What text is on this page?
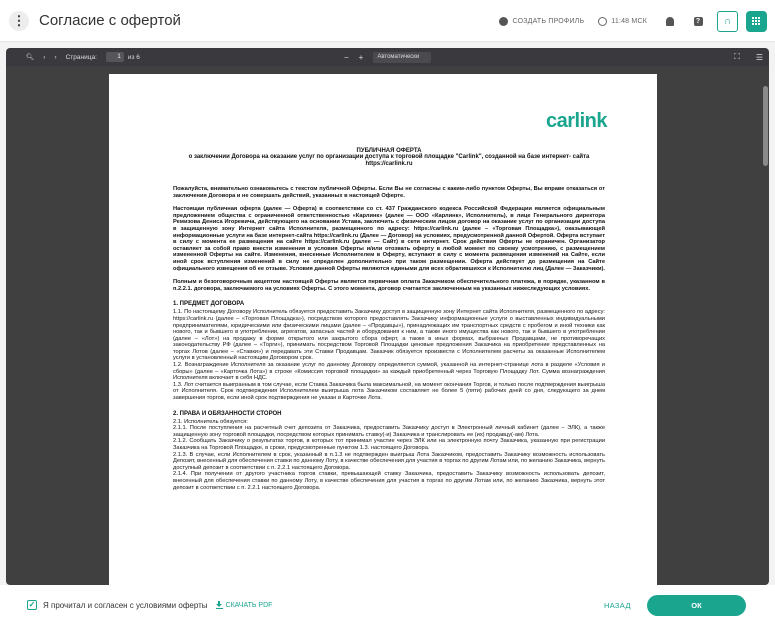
⋮ Согласие с офертой	СОЗДАТЬ ПРОФИЛЬ	11:48 МСК	? ∩
🔍︎ ‹ › Страница:	1	из 6	− +	Автоматически	⛶ ☰
carlink
ПУБЛИЧНАЯ ОФЕРТА
о заключении Договора на оказание услуг по организации доступа к торговой площадке "Carlink", созданной на базе интернет- сайта https://carlink.ru
Пожалуйста, внимательно ознакомьтесь с текстом публичной Оферты. Если Вы не согласны с каким-либо пунктом Оферты, Вы вправе отказаться от заключения Договора и не совершать действий, указанных в настоящей Оферте.
Настоящая публичная оферта (далее — Оферта) в соответствии со ст. 437 Гражданского кодекса Российской Федерации является официальным предложением общества с ограниченной ответственностью «Карлинк» (далее — ООО «Карлинк», Исполнитель), в лице Генерального директора Ремизова Дениса Игоревича, действующего на основании Устава, заключить с физическим лицом договор на оказание услуг по организации доступа в защищенную зону Интернет сайта Исполнителя, размещенного по адресу: https://carlink.ru (далее – «Торговая Площадка»), оказывающей информационные услуги на базе интернет-сайта https://carlink.ru (Далее — Договор) на условиях, предусмотренной данной Офертой. Оферта вступает в силу с момента ее размещения на сайте https://carlink.ru (далее — Сайт) в сети интернет. Срок действия Оферты не ограничен. Организатор оставляет за собой право внести изменения в условия Оферты и/или отозвать оферту в любой момент по своему усмотрению, с размещением измененной Оферты на сайте. Изменения, внесенные Исполнителем в Оферту, вступают в силу с момента размещения изменений на Сайте, если иной срок вступления изменений в силу не определен дополнительно при таком размещении. Оферта действует до размещения на Сайте официального извещения об ее отзыве. Условия данной Оферты являются едиными для всех обратившихся к Исполнителю лиц (Далее — Заказчики).
Полным и безоговорочным акцептом настоящей Оферты является первичная оплата Заказчиком обеспечительного платежа, в порядке, указанном в п.2.2.1. договора, заключаемого на условиях Оферты. С этого момента, договор считается заключенным на указанных нижеследующих условиях.
1. ПРЕДМЕТ ДОГОВОРА
1.1. По настоящему Договору Исполнитель обязуется предоставить Заказчику доступ в защищенную зону Интернет сайта Исполнителя, размещенного по адресу: https://carlink.ru (далее – «Торговая Площадка»), посредством которого предоставлять Заказчику информационные услуги о выставленных индивидуальными предпринимателями, юридическими или физическими лицами (далее – «Продавцы»), принадлежащих им транспортных средств с пробегом и иной техники как нового, так и бывшего в употреблении, агрегатов, запасных частей и оборудования к ним, а также иного имущества как нового, так и бывшего в употреблении (далее – «Лот») на продажу в форме открытого или закрытого сбора оферт, а также в иных формах, выбранных Продавцами, не противоречащих законодательству РФ (далее – «Торги»), принимать посредством Торговой Площадки ценовые предложения Заказчика на приобретение представленных на торгах Лотов (далее – «Ставки») и передавать эти Ставки Продавцам. Заказчик обязуется произвести с Исполнителем расчеты за оказанные Исполнителем услуги в установленный настоящим Договором срок.
1.2. Вознаграждение Исполнителя за оказание услуг по данному Договору определяется суммой, указанной на интернет-странице лота в разделе «Условия и сборы» (далее – «Карточка Лота») в строке «Комиссия торговой площадки» за каждый приобретенный через Торговую Площадку Лот. Сумма вознаграждения Исполнителя включает в себя НДС.
1.3. Лот считается выигранным в том случае, если Ставка Заказчика была максимальной, на момент окончания Торгов, и только после подтверждения выигрыша от Исполнителя. Срок подтверждения Исполнителем выигрыша лота Заказчиком составляет не более 5 (пяти) рабочих дней со дня, следующего за днем завершения торгов, если иной срок подтверждения не указан в Карточке Лота.
2. ПРАВА И ОБЯЗАННОСТИ СТОРОН
2.1. Исполнитель обязуется:
2.1.1. После поступления на расчетный счет депозита от Заказчика, предоставить Заказчику доступ в Электронный личный кабинет (далее – ЭЛК), а также защищенную зону торговой площадки, посредством которых принимать ставку(-и) Заказчика и транслировать ее (их) продавцу(-ам) Лота.
2.1.2. Сообщать Заказчику о результатах торгов, в которых тот принимал участие через ЭЛК или на электронную почту Заказчика, указанную при регистрации Заказчика на Торговой Площадке, в сроки, предусмотренные пунктом 1.3. настоящего Договора.
2.1.3. В случае, если Исполнителем в срок, указанный в п.1.3 не подтвержден выигрыш Лота Заказчиком, предоставить Заказчику возможность использовать Депозит, внесенный для обеспечения ставки по данному Лоту, в качестве обеспечения для участия в торгах по другим Лотам или, по желанию Заказчика, вернуть доступный депозит в соответствии с п. 2.2.1 настоящего Договора.
2.1.4. При получении от другого участника торгов ставки, превышающей ставку Заказчика, предоставить Заказчику возможность использовать депозит, внесенный для обеспечения ставки по данному Лоту, в качестве обеспечения для участия в торгах по другим Лотам или, по желанию Заказчика, вернуть этот депозит в соответствии с п. 2.2.1 настоящего Договора.
✓ Я прочитал и согласен с условиями оферты	СКАЧАТЬ PDF	НАЗАД	ОК
